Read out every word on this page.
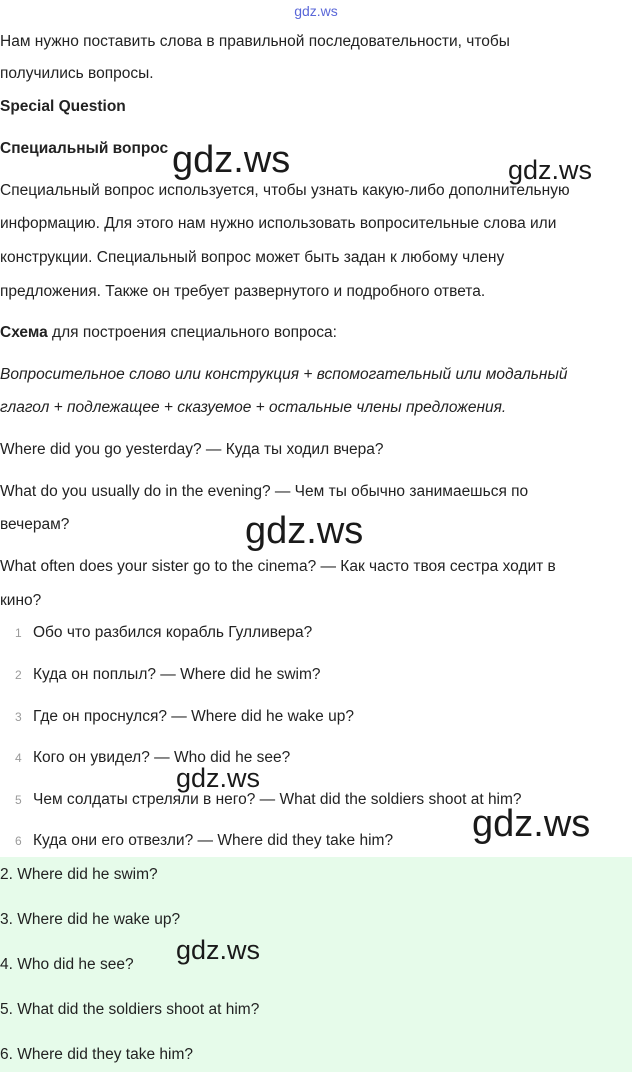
gdz.ws
Нам нужно поставить слова в правильной последовательности, чтобы
получились вопросы.
Special Question
Специальный вопрос
Специальный вопрос используется, чтобы узнать какую-либо дополнительную
информацию. Для этого нам нужно использовать вопросительные слова или
конструкции. Специальный вопрос может быть задан к любому члену
предложения. Также он требует развернутого и подробного ответа.
Схема для построения специального вопроса:
Вопросительное слово или конструкция + вспомогательный или модальный
глагол + подлежащее + сказуемое + остальные члены предложения.
Where did you go yesterday? — Куда ты ходил вчера?
What do you usually do in the evening? — Чем ты обычно занимаешься по
вечерам?
What often does your sister go to the cinema? — Как часто твоя сестра ходит в
кино?
1 Обо что разбился корабль Гулливера?
2 Куда он поплыл? — Where did he swim?
3 Где он проснулся? — Where did he wake up?
4 Кого он увидел? — Who did he see?
5 Чем солдаты стреляли в него? — What did the soldiers shoot at him?
6 Куда они его отвезли? — Where did they take him?
2. Where did he swim?
3. Where did he wake up?
4. Who did he see?
5. What did the soldiers shoot at him?
6. Where did they take him?
gdz.ws	gdz.ws
gdz.ws
gdz.ws
gdz.ws
gdz.ws
